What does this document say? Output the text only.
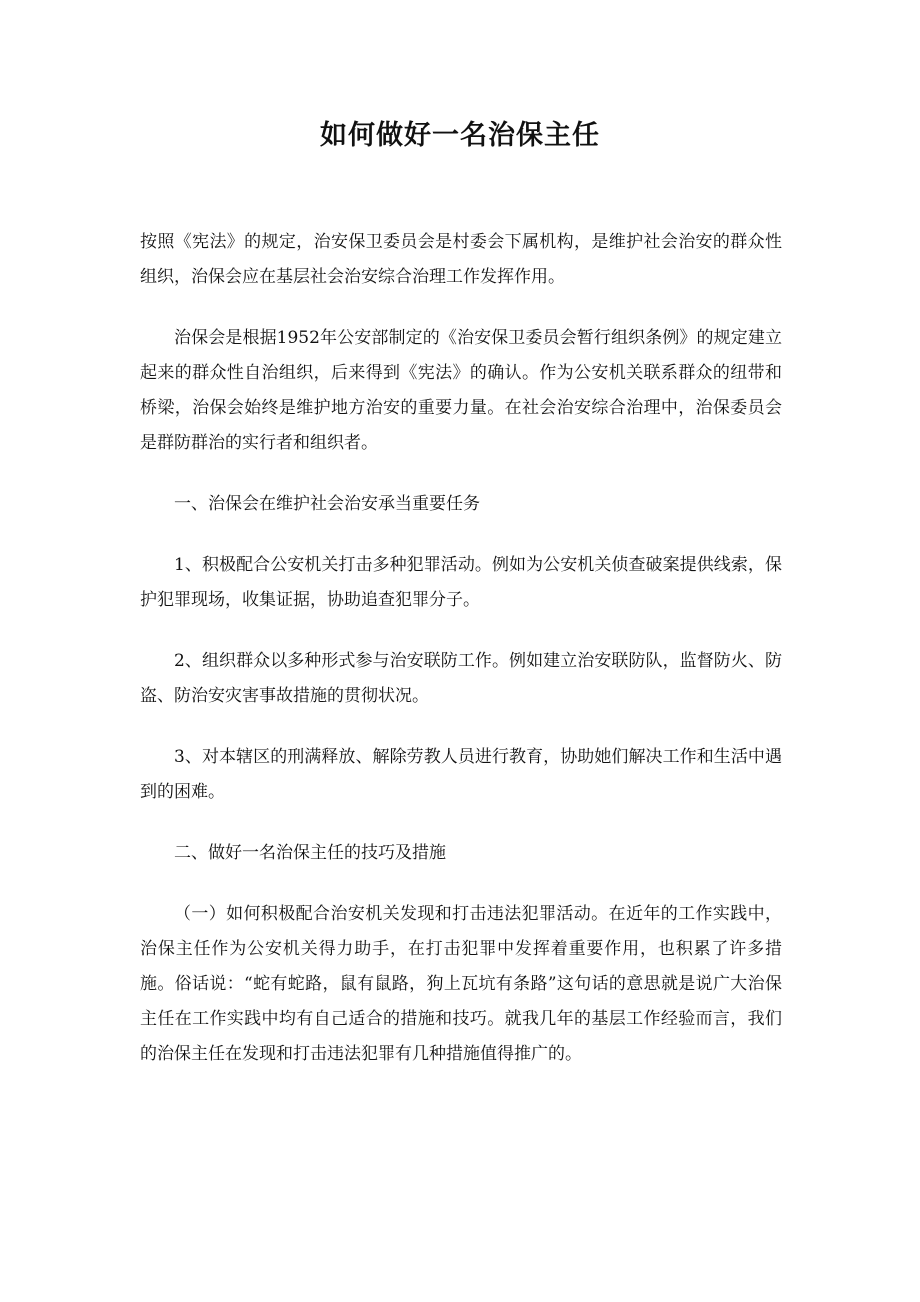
如何做好一名治保主任

按照《宪法》的规定，治安保卫委员会是村委会下属机构，是维护社会治安的群众性组织，治保会应在基层社会治安综合治理工作发挥作用。

治保会是根据1952年公安部制定的《治安保卫委员会暂行组织条例》的规定建立起来的群众性自治组织，后来得到《宪法》的确认。作为公安机关联系群众的纽带和桥梁，治保会始终是维护地方治安的重要力量。在社会治安综合治理中，治保委员会是群防群治的实行者和组织者。

一、治保会在维护社会治安承当重要任务

1、积极配合公安机关打击多种犯罪活动。例如为公安机关侦查破案提供线索，保护犯罪现场，收集证据，协助追查犯罪分子。

2、组织群众以多种形式参与治安联防工作。例如建立治安联防队，监督防火、防盗、防治安灾害事故措施的贯彻状况。

3、对本辖区的刑满释放、解除劳教人员进行教育，协助她们解决工作和生活中遇到的困难。

二、做好一名治保主任的技巧及措施

（一）如何积极配合治安机关发现和打击违法犯罪活动。在近年的工作实践中，治保主任作为公安机关得力助手，在打击犯罪中发挥着重要作用，也积累了许多措施。俗话说：“蛇有蛇路，鼠有鼠路，狗上瓦坑有条路”这句话的意思就是说广大治保主任在工作实践中均有自己适合的措施和技巧。就我几年的基层工作经验而言，我们的治保主任在发现和打击违法犯罪有几种措施值得推广的。
